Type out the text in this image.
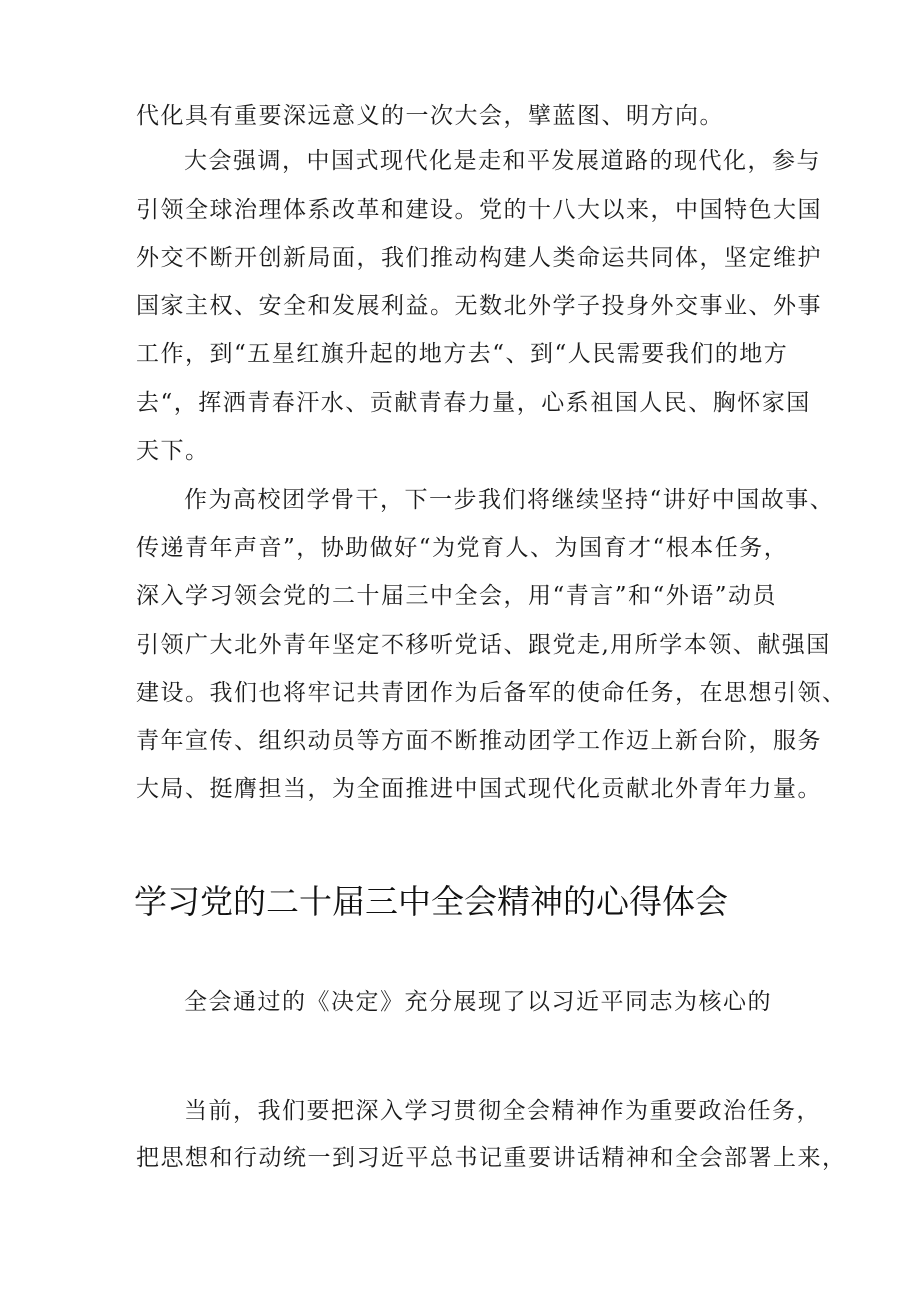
代化具有重要深远意义的一次大会，擘蓝图、明方向。
大会强调，中国式现代化是走和平发展道路的现代化，参与
引领全球治理体系改革和建设。党的十八大以来，中国特色大国
外交不断开创新局面，我们推动构建人类命运共同体，坚定维护
国家主权、安全和发展利益。无数北外学子投身外交事业、外事
工作，到“五星红旗升起的地方去“、到“人民需要我们的地方
去“，挥洒青春汗水、贡献青春力量，心系祖国人民、胸怀家国
天下。
作为高校团学骨干，下一步我们将继续坚持“讲好中国故事、
传递青年声音”，协助做好“为党育人、为国育才“根本任务，
深入学习领会党的二十届三中全会，用“青言”和“外语”动员
引领广大北外青年坚定不移听党话、跟党走,用所学本领、献强国
建设。我们也将牢记共青团作为后备军的使命任务，在思想引领、
青年宣传、组织动员等方面不断推动团学工作迈上新台阶，服务
大局、挺膺担当，为全面推进中国式现代化贡献北外青年力量。
学习党的二十届三中全会精神的心得体会
全会通过的《决定》充分展现了以习近平同志为核心的
当前，我们要把深入学习贯彻全会精神作为重要政治任务，
把思想和行动统一到习近平总书记重要讲话精神和全会部署上来，
